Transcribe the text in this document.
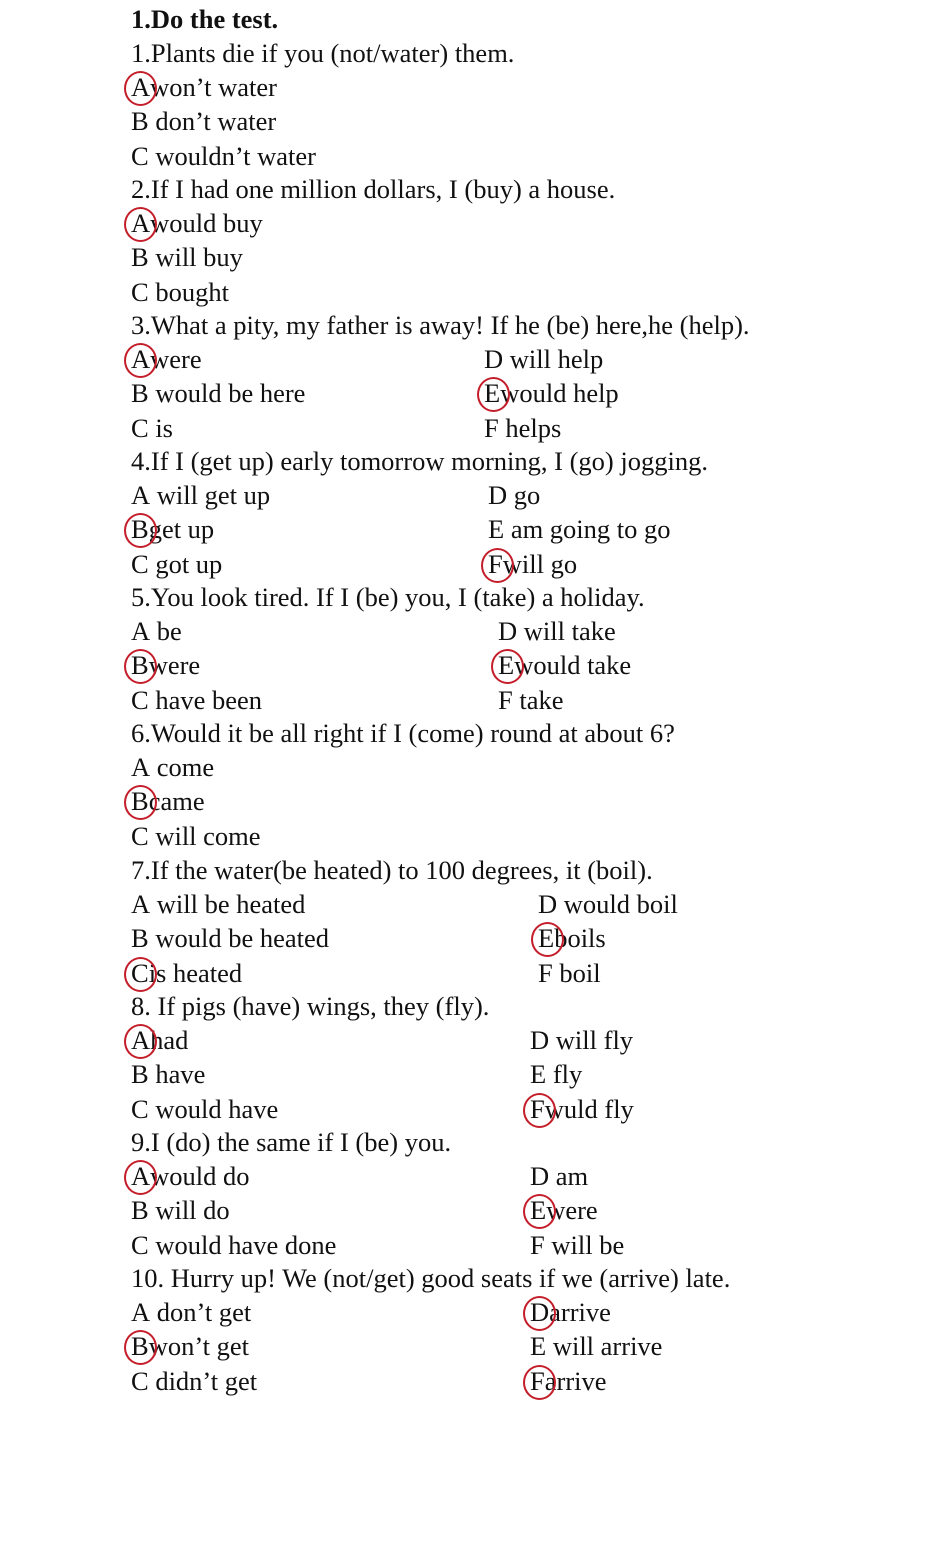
1.Do the test.
1.Plants die if you (not/water) them.
Awon’t water
B don’t water
C wouldn’t water
2.If I had one million dollars, I (buy) a house.
Awould buy
B will buy
C bought
3.What a pity, my father is away! If he (be) here,he (help).
Awere
B would be here
C is
D will help
Ewould help
F helps
4.If I (get up) early tomorrow morning, I (go) jogging.
A will get up
Bget up
C got up
D go
E am going to go
Fwill go
5.You look tired. If I (be) you, I (take) a holiday.
A be
Bwere
C have been
D will take
Ewould take
F take
6.Would it be all right if I (come) round at about 6?
A come
Bcame
C will come
7.If the water(be heated) to 100 degrees, it (boil).
A will be heated
B would be heated
Cis heated
D would boil
Eboils
F boil
8. If pigs (have) wings, they (fly).
Ahad
B have
C would have
D will fly
E fly
Fwuld fly
9.I (do) the same if I (be) you.
Awould do
B will do
C would have done
D am
Ewere
F will be
10. Hurry up! We (not/get) good seats if we (arrive) late.
A don’t get
Bwon’t get
C didn’t get
Darrive
E will arrive
Farrive
